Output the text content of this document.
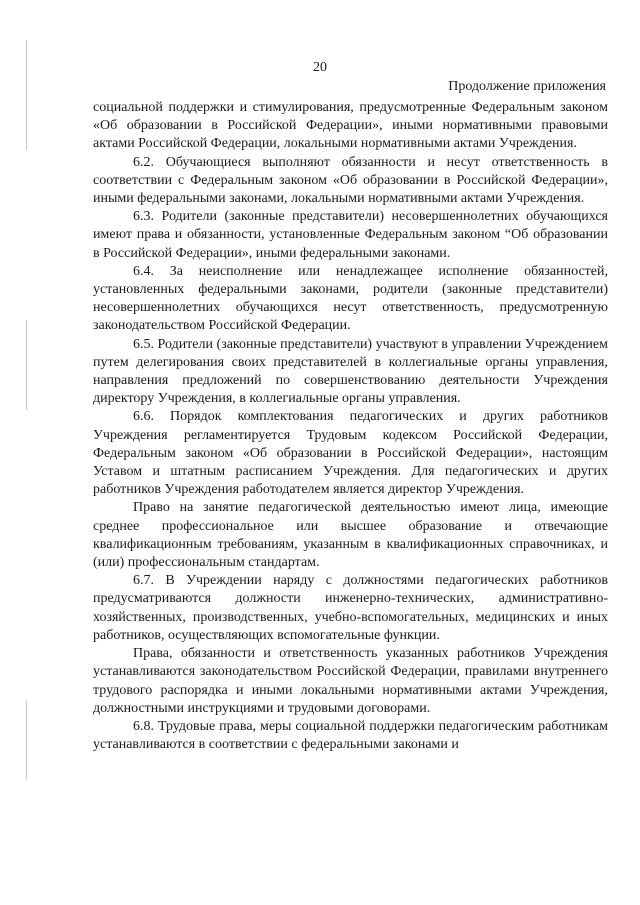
20
Продолжение приложения

социальной поддержки и стимулирования, предусмотренные Федеральным законом «Об образовании в Российской Федерации», иными нормативными правовыми актами Российской Федерации, локальными нормативными актами Учреждения.

6.2. Обучающиеся выполняют обязанности и несут ответственность в соответствии с Федеральным законом «Об образовании в Российской Федерации», иными федеральными законами, локальными нормативными актами Учреждения.

6.3. Родители (законные представители) несовершеннолетних обучающихся имеют права и обязанности, установленные Федеральным законом “Об образовании в Российской Федерации», иными федеральными законами.

6.4. За неисполнение или ненадлежащее исполнение обязанностей, установленных федеральными законами, родители (законные представители) несовершеннолетних обучающихся несут ответственность, предусмотренную законодательством Российской Федерации.

6.5. Родители (законные представители) участвуют в управлении Учреждением путем делегирования своих представителей в коллегиальные органы управления, направления предложений по совершенствованию деятельности Учреждения директору Учреждения, в коллегиальные органы управления.

6.6. Порядок комплектования педагогических и других работников Учреждения регламентируется Трудовым кодексом Российской Федерации, Федеральным законом «Об образовании в Российской Федерации», настоящим Уставом и штатным расписанием Учреждения. Для педагогических и других работников Учреждения работодателем является директор Учреждения.

Право на занятие педагогической деятельностью имеют лица, имеющие среднее профессиональное или высшее образование и отвечающие квалификационным требованиям, указанным в квалификационных справочниках, и (или) профессиональным стандартам.

6.7. В Учреждении наряду с должностями педагогических работников предусматриваются должности инженерно-технических, административно-хозяйственных, производственных, учебно-вспомогательных, медицинских и иных работников, осуществляющих вспомогательные функции.

Права, обязанности и ответственность указанных работников Учреждения устанавливаются законодательством Российской Федерации, правилами внутреннего трудового распорядка и иными локальными нормативными актами Учреждения, должностными инструкциями и трудовыми договорами.

6.8. Трудовые права, меры социальной поддержки педагогическим работникам устанавливаются в соответствии с федеральными законами и
